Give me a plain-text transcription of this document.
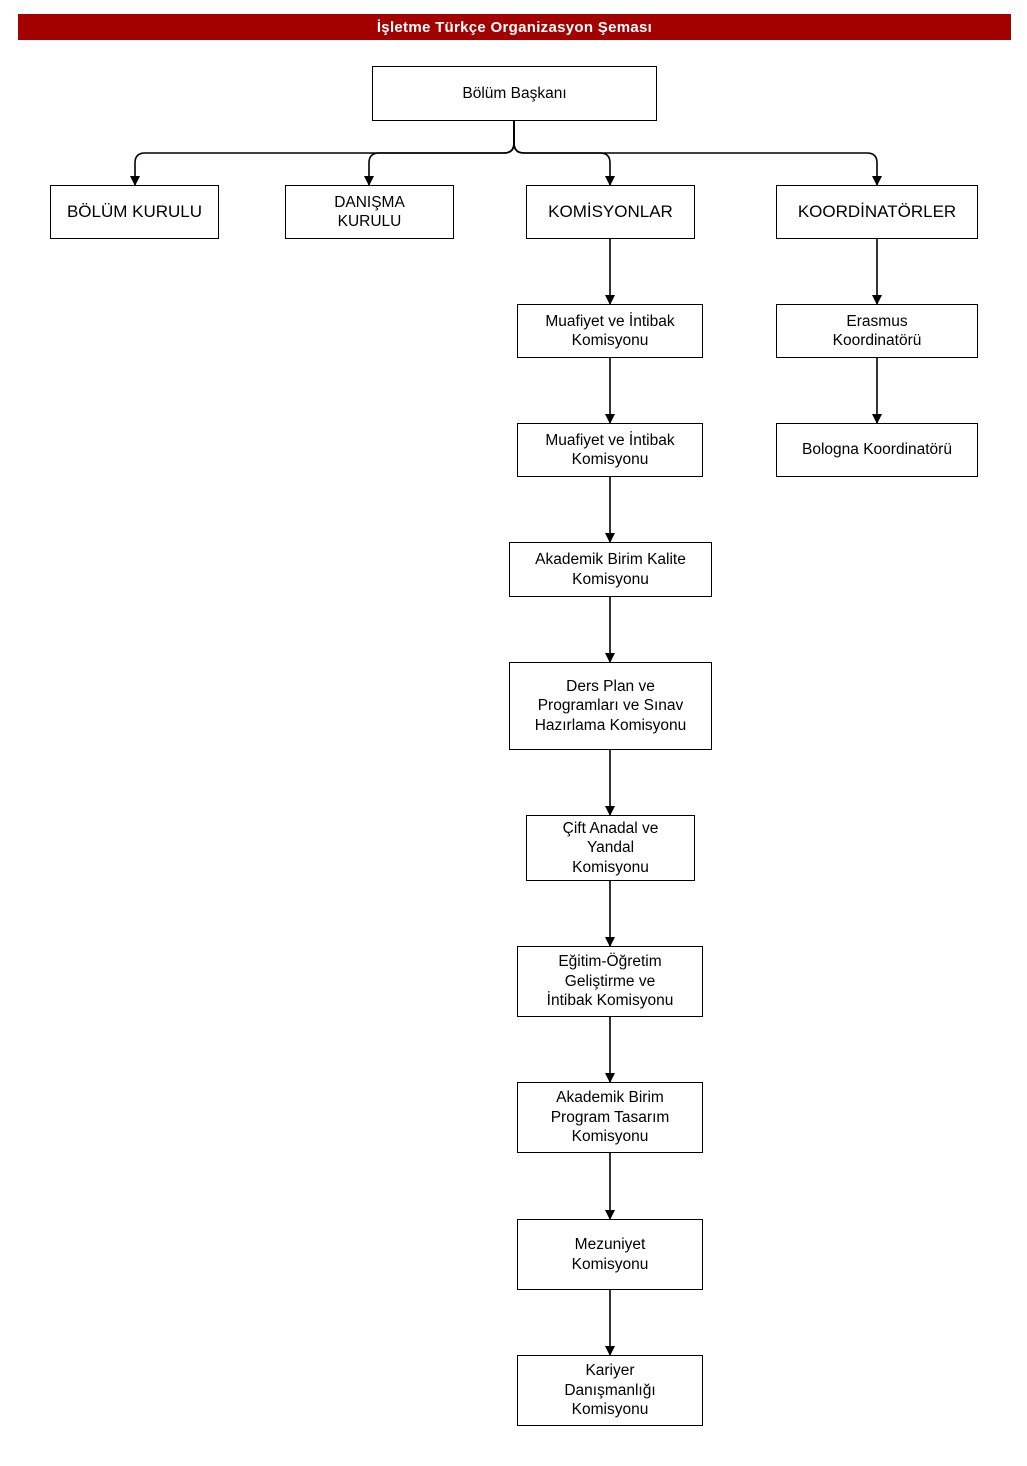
İşletme Türkçe Organizasyon Şeması
Bölüm Başkanı
BÖLÜM KURULU
DANIŞMA
KURULU
KOMİSYONLAR	KOORDİNATÖRLER
Muafiyet ve İntibak
Komisyonu
Muafiyet ve İntibak
Komisyonu
Akademik Birim Kalite
Komisyonu
Ders Plan ve
Programları ve Sınav
Hazırlama Komisyonu
Çift Anadal ve
Yandal
Komisyonu
Eğitim-Öğretim
Geliştirme ve
İntibak Komisyonu
Akademik Birim
Program Tasarım
Komisyonu
Mezuniyet
Komisyonu
Kariyer
Danışmanlığı
Komisyonu
Erasmus
Koordinatörü
Bologna Koordinatörü
